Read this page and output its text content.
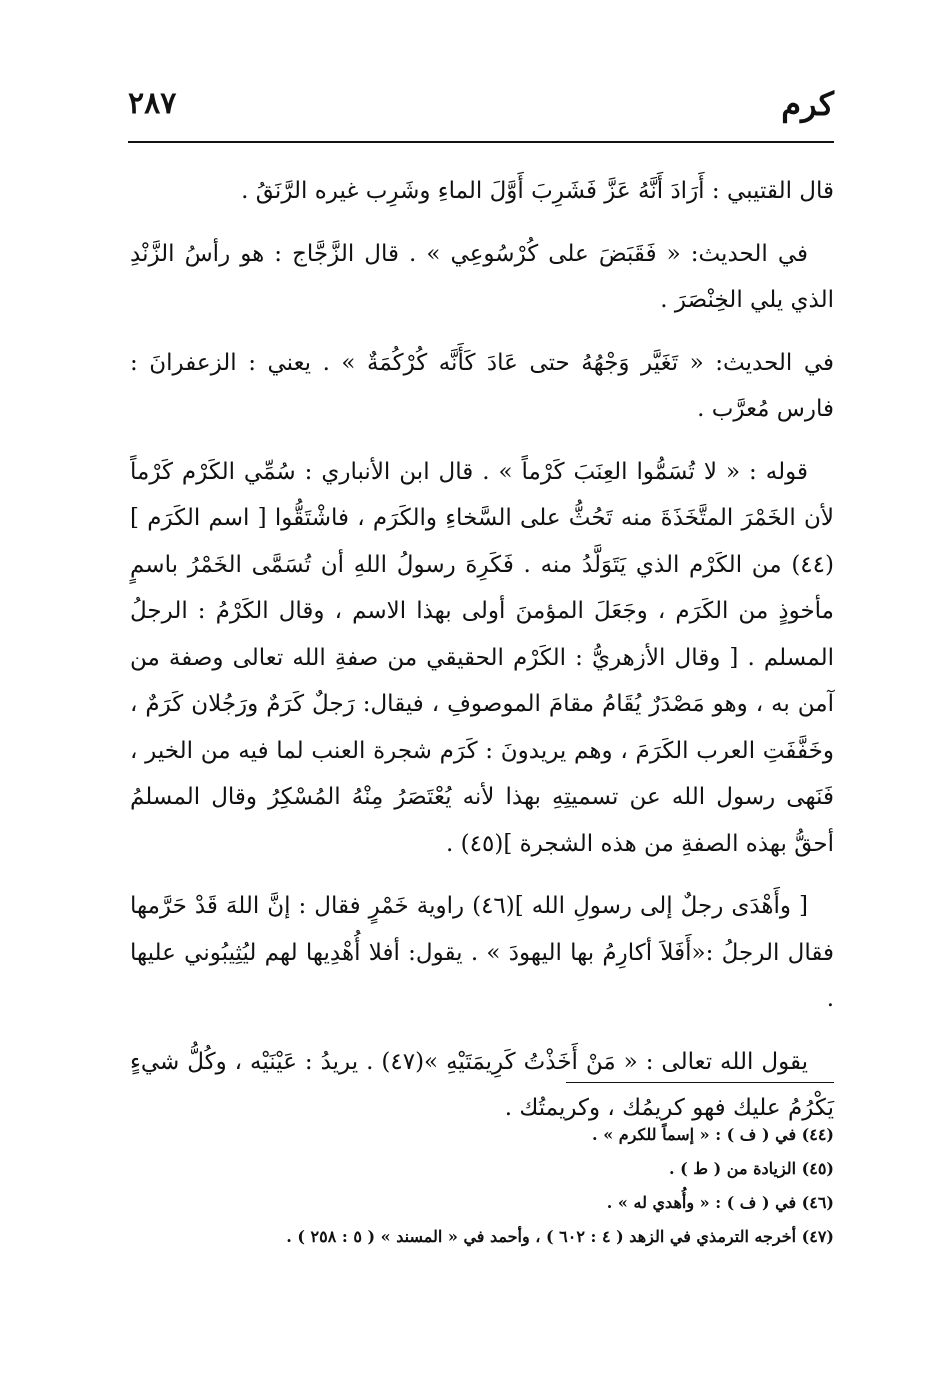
كرم
٢٨٧

قال القتيبي : أَرَادَ أَنَّهُ عَزَّ فَشَرِبَ أَوَّلَ الماءِ وشَرِب غيره الرَّنَقُ .

في الحديث: « فَقَبَضَ على كُرْسُوعِي » . قال الزَّجَّاج : هو رأسُ الزَّنْدِ الذي يلي الخِنْصَرَ .

في الحديث: « تَغَيَّر وَجْهُهُ حتى عَادَ كَأَنَّه كُرْكُمَةٌ » . يعني : الزعفرانَ : فارس مُعرَّب .

قوله : « لا تُسَمُّوا العِنَبَ كَرْماً » . قال ابن الأنباري : سُمِّي الكَرْم كَرْماً لأن الخَمْرَ المتَّخَذَةَ منه تَحُثُّ على السَّخاءِ والكَرَم ، فاشْتَقُّوا [ اسم الكَرَم ](٤٤) من الكَرْم الذي يَتَوَلَّدُ منه . فَكَرِهَ رسولُ اللهِ أن تُسَمَّى الخَمْرُ باسمٍ مأخوذٍ من الكَرَم ، وجَعَلَ المؤمنَ أولى بهذا الاسم ، وقال الكَرْمُ : الرجلُ المسلم . [ وقال الأزهريُّ : الكَرْم الحقيقي من صفةِ الله تعالى وصفة من آمن به ، وهو مَصْدَرٌ يُقَامُ مقامَ الموصوفِ ، فيقال: رَجلٌ كَرَمٌ ورَجُلان كَرَمٌ ، وخَفَّفَتِ العرب الكَرَمَ ، وهم يريدونَ : كَرَم شجرة العنب لما فيه من الخير ، فَنَهى رسول الله عن تسميتِهِ بهذا لأنه يُعْتَصَرُ مِنْهُ المُسْكِرُ وقال المسلمُ أحقُّ بهذه الصفةِ من هذه الشجرة ](٤٥) .

[ وأَهْدَى رجلٌ إلى رسولِ الله ](٤٦) راوية خَمْرٍ فقال : إنَّ اللهَ قَدْ حَرَّمها فقال الرجلُ :«أَفَلاَ أكارِمُ بها اليهودَ » . يقول: أفلا أُهْدِيها لهم ليُثِيبُوني عليها .

يقول الله تعالى : « مَنْ أَخَذْتُ كَرِيمَتَيْهِ »(٤٧) . يريدُ : عَيْنَيْه ، وكُلُّ شيءٍ يَكْرُمُ عليك فهو كريمُك ، وكريمتُك .

(٤٤) في ( ف ) : « إسماً للكرم » .
(٤٥) الزيادة من ( ط ) .
(٤٦) في ( ف ) : « وأُهدي له » .
(٤٧) أخرجه الترمذي في الزهد ( ٤ : ٦٠٢ ) ، وأحمد في « المسند » ( ٥ : ٢٥٨ ) .
